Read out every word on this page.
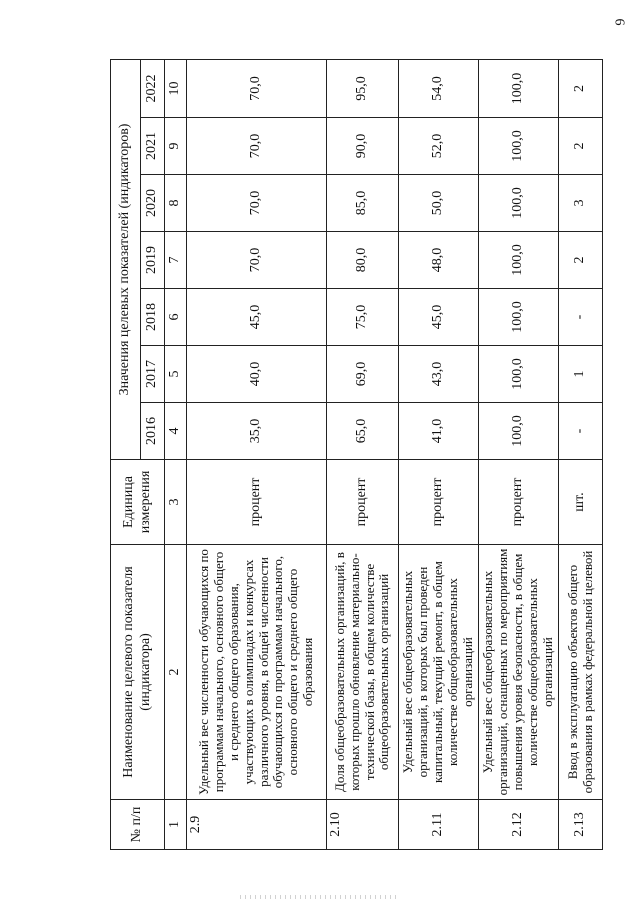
6
№ п/п	Наименование целевого показателя (индикатора)	Единица измерения	Значения целевых показателей (индикаторов)						
			2016	2017	2018	2019	2020	2021	2022
1	2	3	4	5	6	7	8	9	10
2.9	Удельный вес численности обучающихся по программам начального, основного общего и среднего общего образования, участвующих в олимпиадах и конкурсах различного уровня, в общей численности обучающихся по программам начального, основного общего и среднего общего образования	процент	35,0	40,0	45,0	70,0	70,0	70,0	70,0
2.10	Доля общеобразовательных организаций, в которых прошло обновление материально-технической базы, в общем количестве общеобразовательных организаций	процент	65,0	69,0	75,0	80,0	85,0	90,0	95,0
2.11	Удельный вес общеобразовательных организаций, в которых был проведен капитальный, текущий ремонт, в общем количестве общеобразовательных организаций	процент	41,0	43,0	45,0	48,0	50,0	52,0	54,0
2.12	Удельный вес общеобразовательных организаций, оснащенных по мероприятиям повышения уровня безопасности, в общем количестве общеобразовательных организаций	процент	100,0	100,0	100,0	100,0	100,0	100,0	100,0
2.13	Ввод в эксплуатацию объектов общего образования в рамках федеральной целевой	шт.	-	1	-	2	3	2	2
